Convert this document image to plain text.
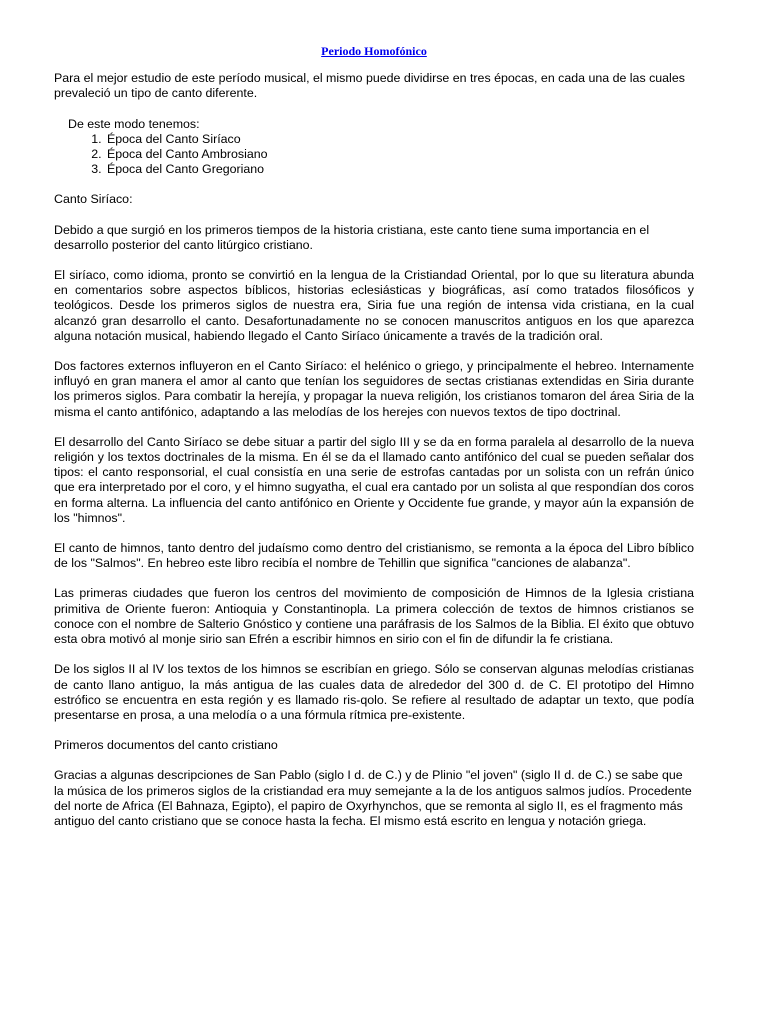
Periodo Homofónico

Para el mejor estudio de este período musical, el mismo puede dividirse en tres épocas, en cada una de las cuales prevaleció un tipo de canto diferente.

De este modo tenemos:
1. Época del Canto Siríaco
2. Época del Canto Ambrosiano
3. Época del Canto Gregoriano

Canto Siríaco:

Debido a que surgió en los primeros tiempos de la historia cristiana, este canto tiene suma importancia en el desarrollo posterior del canto litúrgico cristiano.

El siríaco, como idioma, pronto se convirtió en la lengua de la Cristiandad Oriental, por lo que su literatura abunda en comentarios sobre aspectos bíblicos, historias eclesiásticas y biográficas, así como tratados filosóficos y teológicos. Desde los primeros siglos de nuestra era, Siria fue una región de intensa vida cristiana, en la cual alcanzó gran desarrollo el canto. Desafortunadamente no se conocen manuscritos antiguos en los que aparezca alguna notación musical, habiendo llegado el Canto Siríaco únicamente a través de la tradición oral.

Dos factores externos influyeron en el Canto Siríaco: el helénico o griego, y principalmente el hebreo. Internamente influyó en gran manera el amor al canto que tenían los seguidores de sectas cristianas extendidas en Siria durante los primeros siglos. Para combatir la herejía, y propagar la nueva religión, los cristianos tomaron del área Siria de la misma el canto antifónico, adaptando a las melodías de los herejes con nuevos textos de tipo doctrinal.

El desarrollo del Canto Siríaco se debe situar a partir del siglo III y se da en forma paralela al desarrollo de la nueva religión y los textos doctrinales de la misma. En él se da el llamado canto antifónico del cual se pueden señalar dos tipos: el canto responsorial, el cual consistía en una serie de estrofas cantadas por un solista con un refrán único que era interpretado por el coro, y el himno sugyatha, el cual era cantado por un solista al que respondían dos coros en forma alterna. La influencia del canto antifónico en Oriente y Occidente fue grande, y mayor aún la expansión de los "himnos".

El canto de himnos, tanto dentro del judaísmo como dentro del cristianismo, se remonta a la época del Libro bíblico de los "Salmos". En hebreo este libro recibía el nombre de Tehillin que significa "canciones de alabanza".

Las primeras ciudades que fueron los centros del movimiento de composición de Himnos de la Iglesia cristiana primitiva de Oriente fueron: Antioquia y Constantinopla. La primera colección de textos de himnos cristianos se conoce con el nombre de Salterio Gnóstico y contiene una paráfrasis de los Salmos de la Biblia. El éxito que obtuvo esta obra motivó al monje sirio san Efrén a escribir himnos en sirio con el fin de difundir la fe cristiana.

De los siglos II al IV los textos de los himnos se escribían en griego. Sólo se conservan algunas melodías cristianas de canto llano antiguo, la más antigua de las cuales data de alrededor del 300 d. de C. El prototipo del Himno estrófico se encuentra en esta región y es llamado ris-qolo. Se refiere al resultado de adaptar un texto, que podía presentarse en prosa, a una melodía o a una fórmula rítmica pre-existente.

Primeros documentos del canto cristiano

Gracias a algunas descripciones de San Pablo (siglo I d. de C.) y de Plinio "el joven" (siglo II d. de C.) se sabe que la música de los primeros siglos de la cristiandad era muy semejante a la de los antiguos salmos judíos. Procedente del norte de Africa (El Bahnaza, Egipto), el papiro de Oxyrhynchos, que se remonta al siglo II, es el fragmento más antiguo del canto cristiano que se conoce hasta la fecha. El mismo está escrito en lengua y notación griega.
